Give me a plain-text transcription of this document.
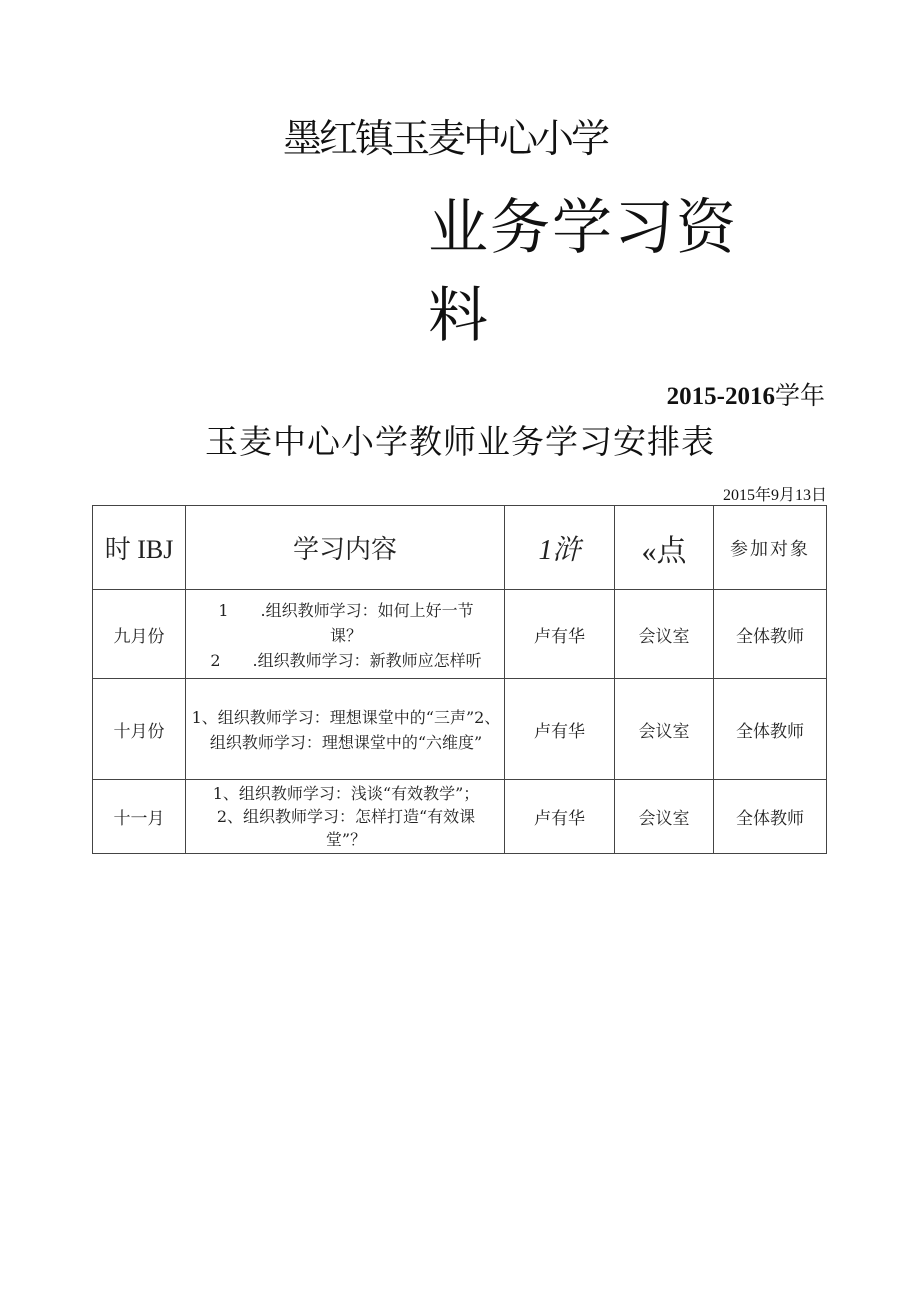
墨红镇玉麦中心小学
业务学习资料
2015-2016学年
玉麦中心小学教师业务学习安排表
2015年9月13日
时 IBJ	学习内容	1浒	«点	参加对象
九月份	1　　.组织教师学习：如何上好一节
课？
2　　.组织教师学习：新教师应怎样听	卢有华	会议室	全体教师
十月份	1、组织教师学习：理想课堂中的“三声”2、
组织教师学习：理想课堂中的“六维度”	卢有华	会议室	全体教师
十一月	1、组织教师学习：浅谈“有效教学”；
2、组织教师学习：怎样打造“有效课
堂”？	卢有华	会议室	全体教师
